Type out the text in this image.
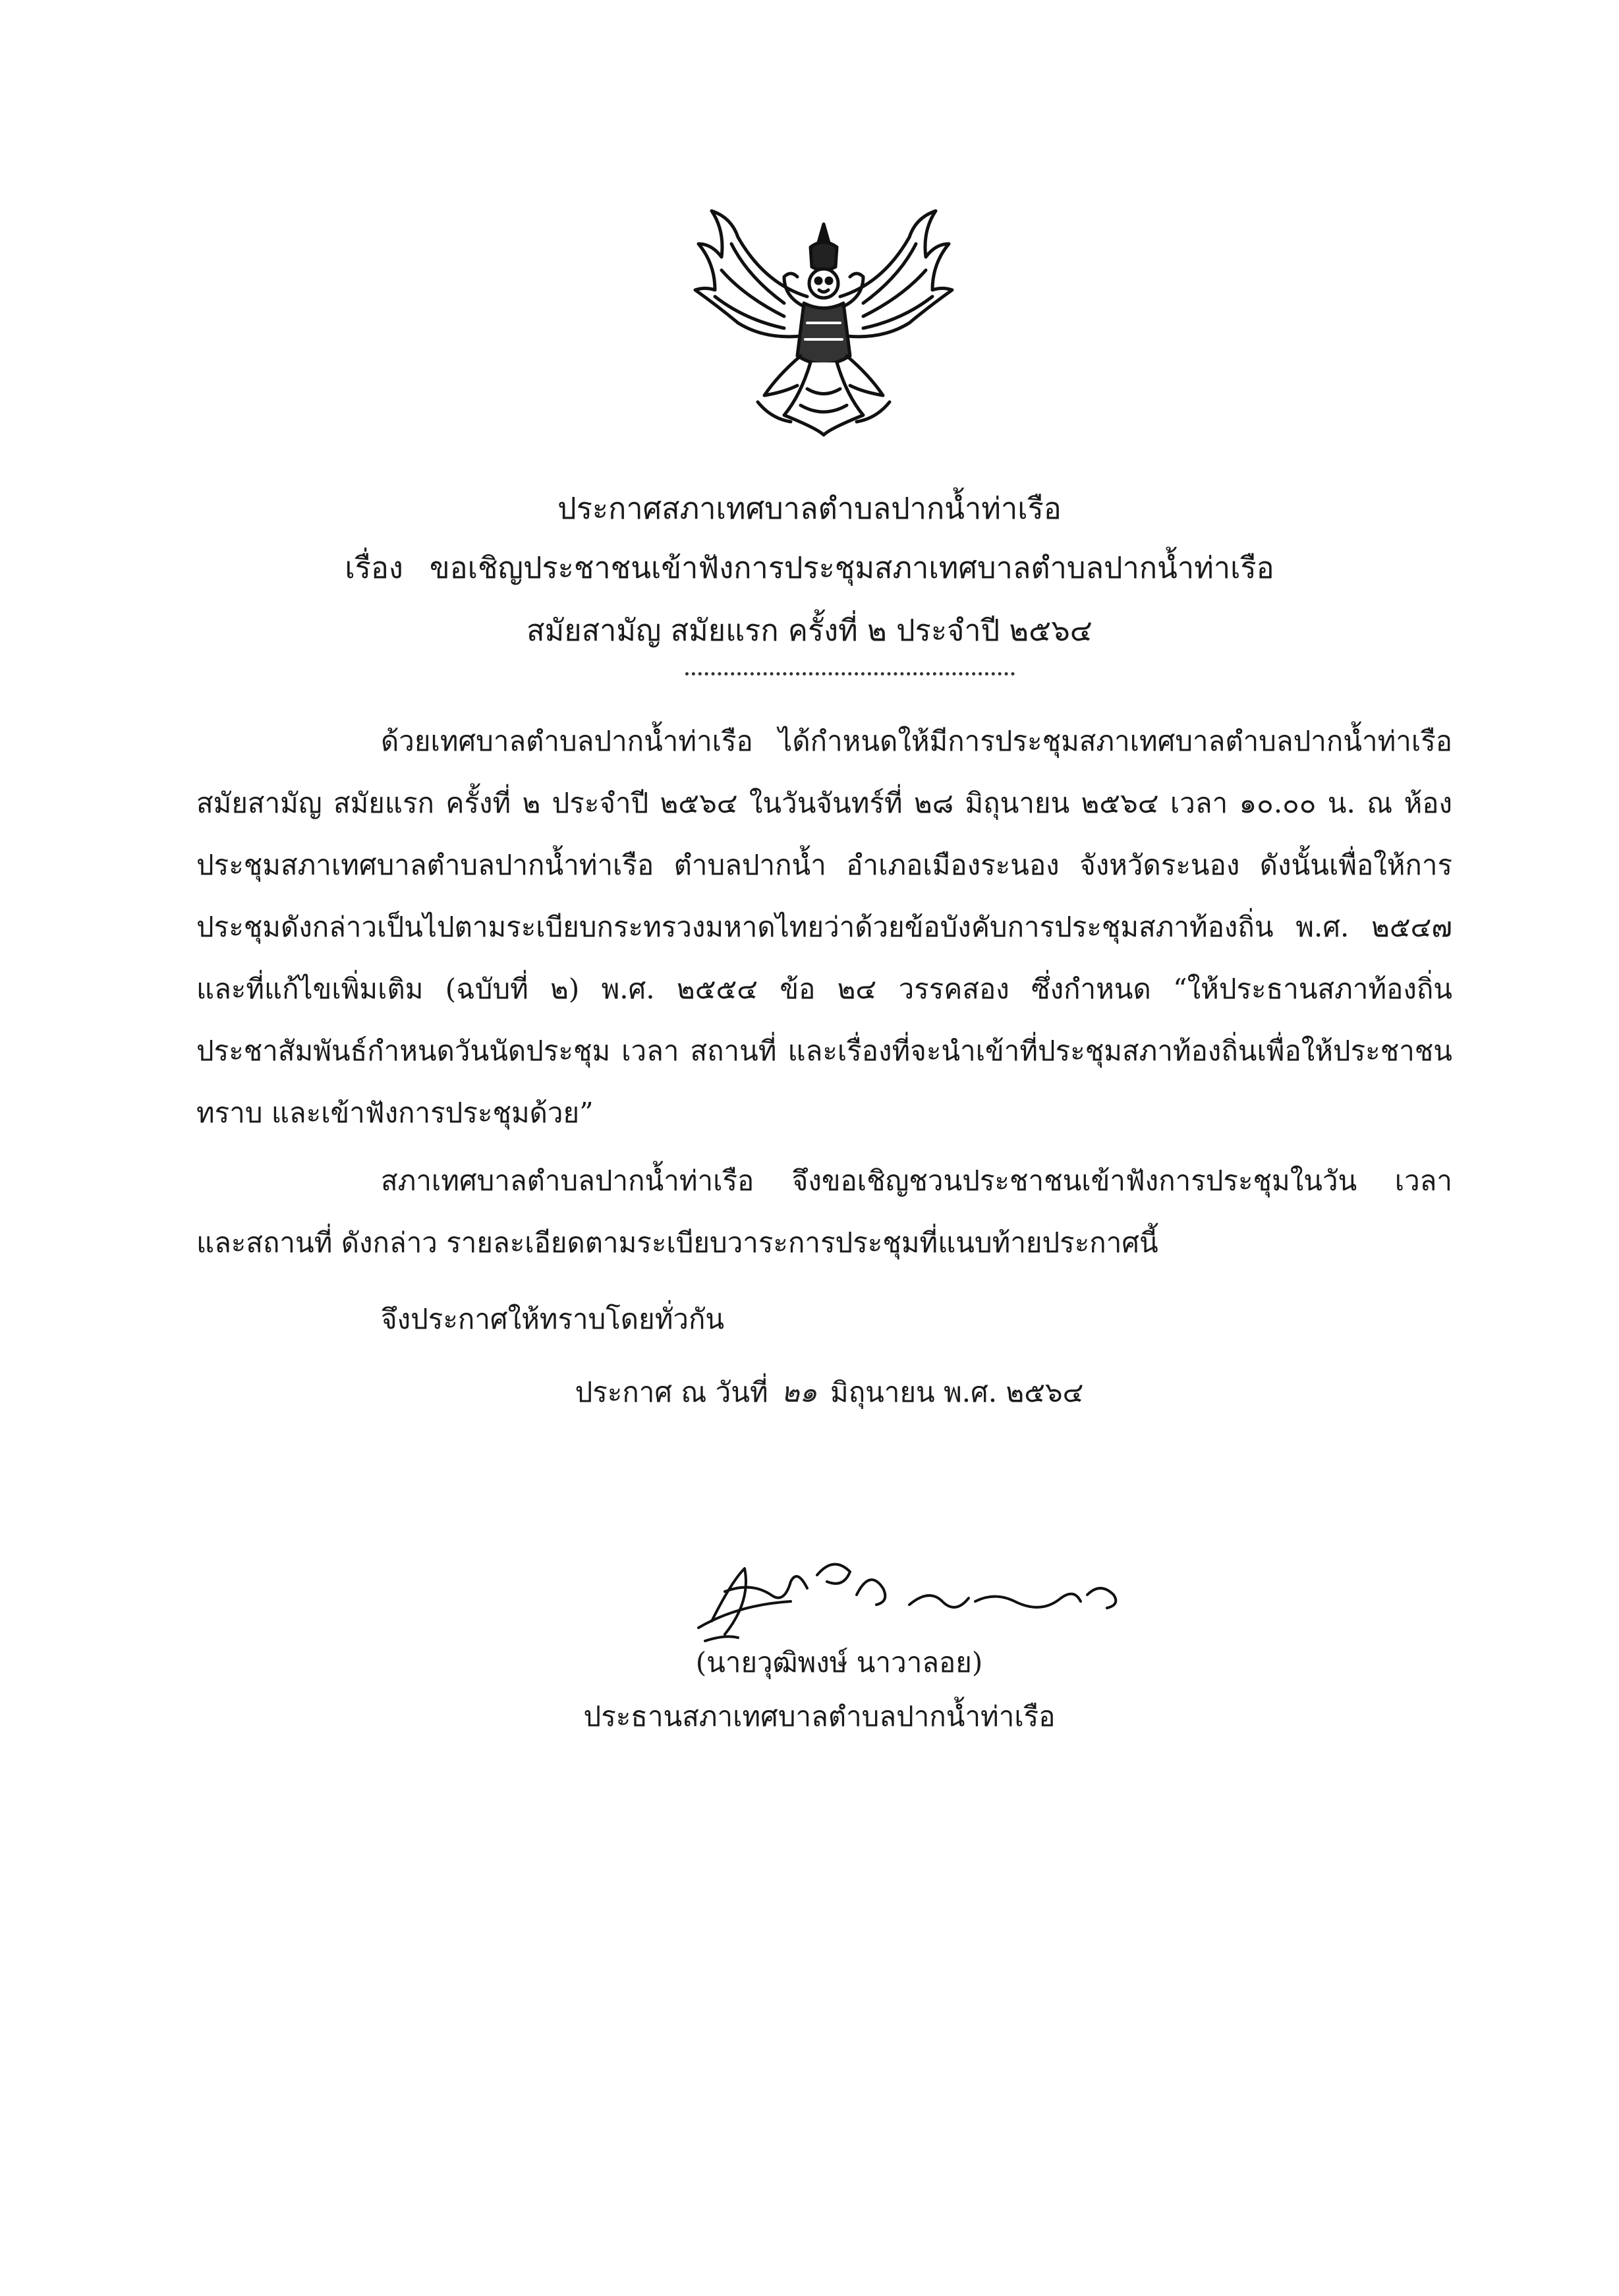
ประกาศสภาเทศบาลตำบลปากน้ำท่าเรือ
เรื่อง ขอเชิญประชาชนเข้าฟังการประชุมสภาเทศบาลตำบลปากน้ำท่าเรือ
สมัยสามัญ สมัยแรก ครั้งที่ ๒ ประจำปี ๒๕๖๔

ด้วยเทศบาลตำบลปากน้ำท่าเรือ ได้กำหนดให้มีการประชุมสภาเทศบาลตำบลปากน้ำท่าเรือ สมัยสามัญ สมัยแรก ครั้งที่ ๒ ประจำปี ๒๕๖๔ ในวันจันทร์ที่ ๒๘ มิถุนายน ๒๕๖๔ เวลา ๑๐.๐๐ น. ณ ห้องประชุมสภาเทศบาลตำบลปากน้ำท่าเรือ ตำบลปากน้ำ อำเภอเมืองระนอง จังหวัดระนอง ดังนั้นเพื่อให้การประชุมดังกล่าวเป็นไปตามระเบียบกระทรวงมหาดไทยว่าด้วยข้อบังคับการประชุมสภาท้องถิ่น พ.ศ. ๒๕๔๗ และที่แก้ไขเพิ่มเติม (ฉบับที่ ๒) พ.ศ. ๒๕๕๔ ข้อ ๒๔ วรรคสอง ซึ่งกำหนด “ให้ประธานสภาท้องถิ่นประชาสัมพันธ์กำหนดวันนัดประชุม เวลา สถานที่ และเรื่องที่จะนำเข้าที่ประชุมสภาท้องถิ่นเพื่อให้ประชาชนทราบ และเข้าฟังการประชุมด้วย”

สภาเทศบาลตำบลปากน้ำท่าเรือ จึงขอเชิญชวนประชาชนเข้าฟังการประชุมในวัน เวลา และสถานที่ ดังกล่าว รายละเอียดตามระเบียบวาระการประชุมที่แนบท้ายประกาศนี้

จึงประกาศให้ทราบโดยทั่วกัน

ประกาศ ณ วันที่ ๒๑ มิถุนายน พ.ศ. ๒๕๖๔
(นายวุฒิพงษ์ นาวาลอย)
ประธานสภาเทศบาลตำบลปากน้ำท่าเรือ
